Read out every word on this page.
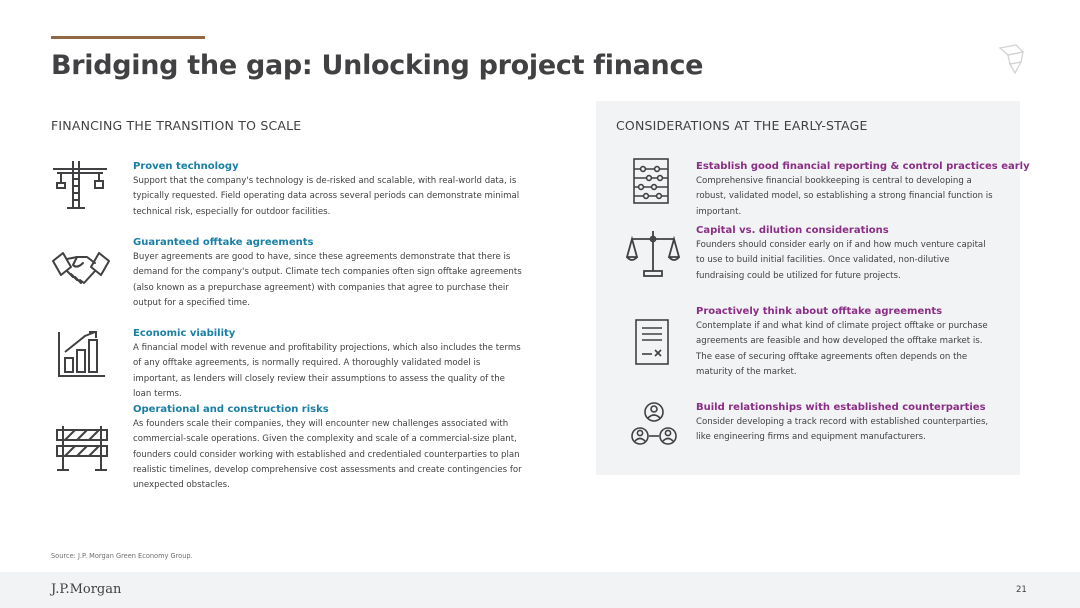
Bridging the gap: Unlocking project finance
FINANCING THE TRANSITION TO SCALE
Proven technology
Support that the company's technology is de-risked and scalable, with real-world data, is typically requested. Field operating data across several periods can demonstrate minimal technical risk, especially for outdoor facilities.
Guaranteed offtake agreements
Buyer agreements are good to have, since these agreements demonstrate that there is demand for the company's output. Climate tech companies often sign offtake agreements (also known as a prepurchase agreement) with companies that agree to purchase their output for a specified time.
Economic viability
A financial model with revenue and profitability projections, which also includes the terms of any offtake agreements, is normally required. A thoroughly validated model is important, as lenders will closely review their assumptions to assess the quality of the loan terms.
Operational and construction risks
As founders scale their companies, they will encounter new challenges associated with commercial-scale operations. Given the complexity and scale of a commercial-size plant, founders could consider working with established and credentialed counterparties to plan realistic timelines, develop comprehensive cost assessments and create contingencies for unexpected obstacles.
CONSIDERATIONS AT THE EARLY-STAGE
Establish good financial reporting & control practices early
Comprehensive financial bookkeeping is central to developing a robust, validated model, so establishing a strong financial function is important.
Capital vs. dilution considerations
Founders should consider early on if and how much venture capital to use to build initial facilities. Once validated, non-dilutive fundraising could be utilized for future projects.
Proactively think about offtake agreements
Contemplate if and what kind of climate project offtake or purchase agreements are feasible and how developed the offtake market is. The ease of securing offtake agreements often depends on the maturity of the market.
Build relationships with established counterparties
Consider developing a track record with established counterparties, like engineering firms and equipment manufacturers.
Source: J.P. Morgan Green Economy Group.
J.P.Morgan	21
